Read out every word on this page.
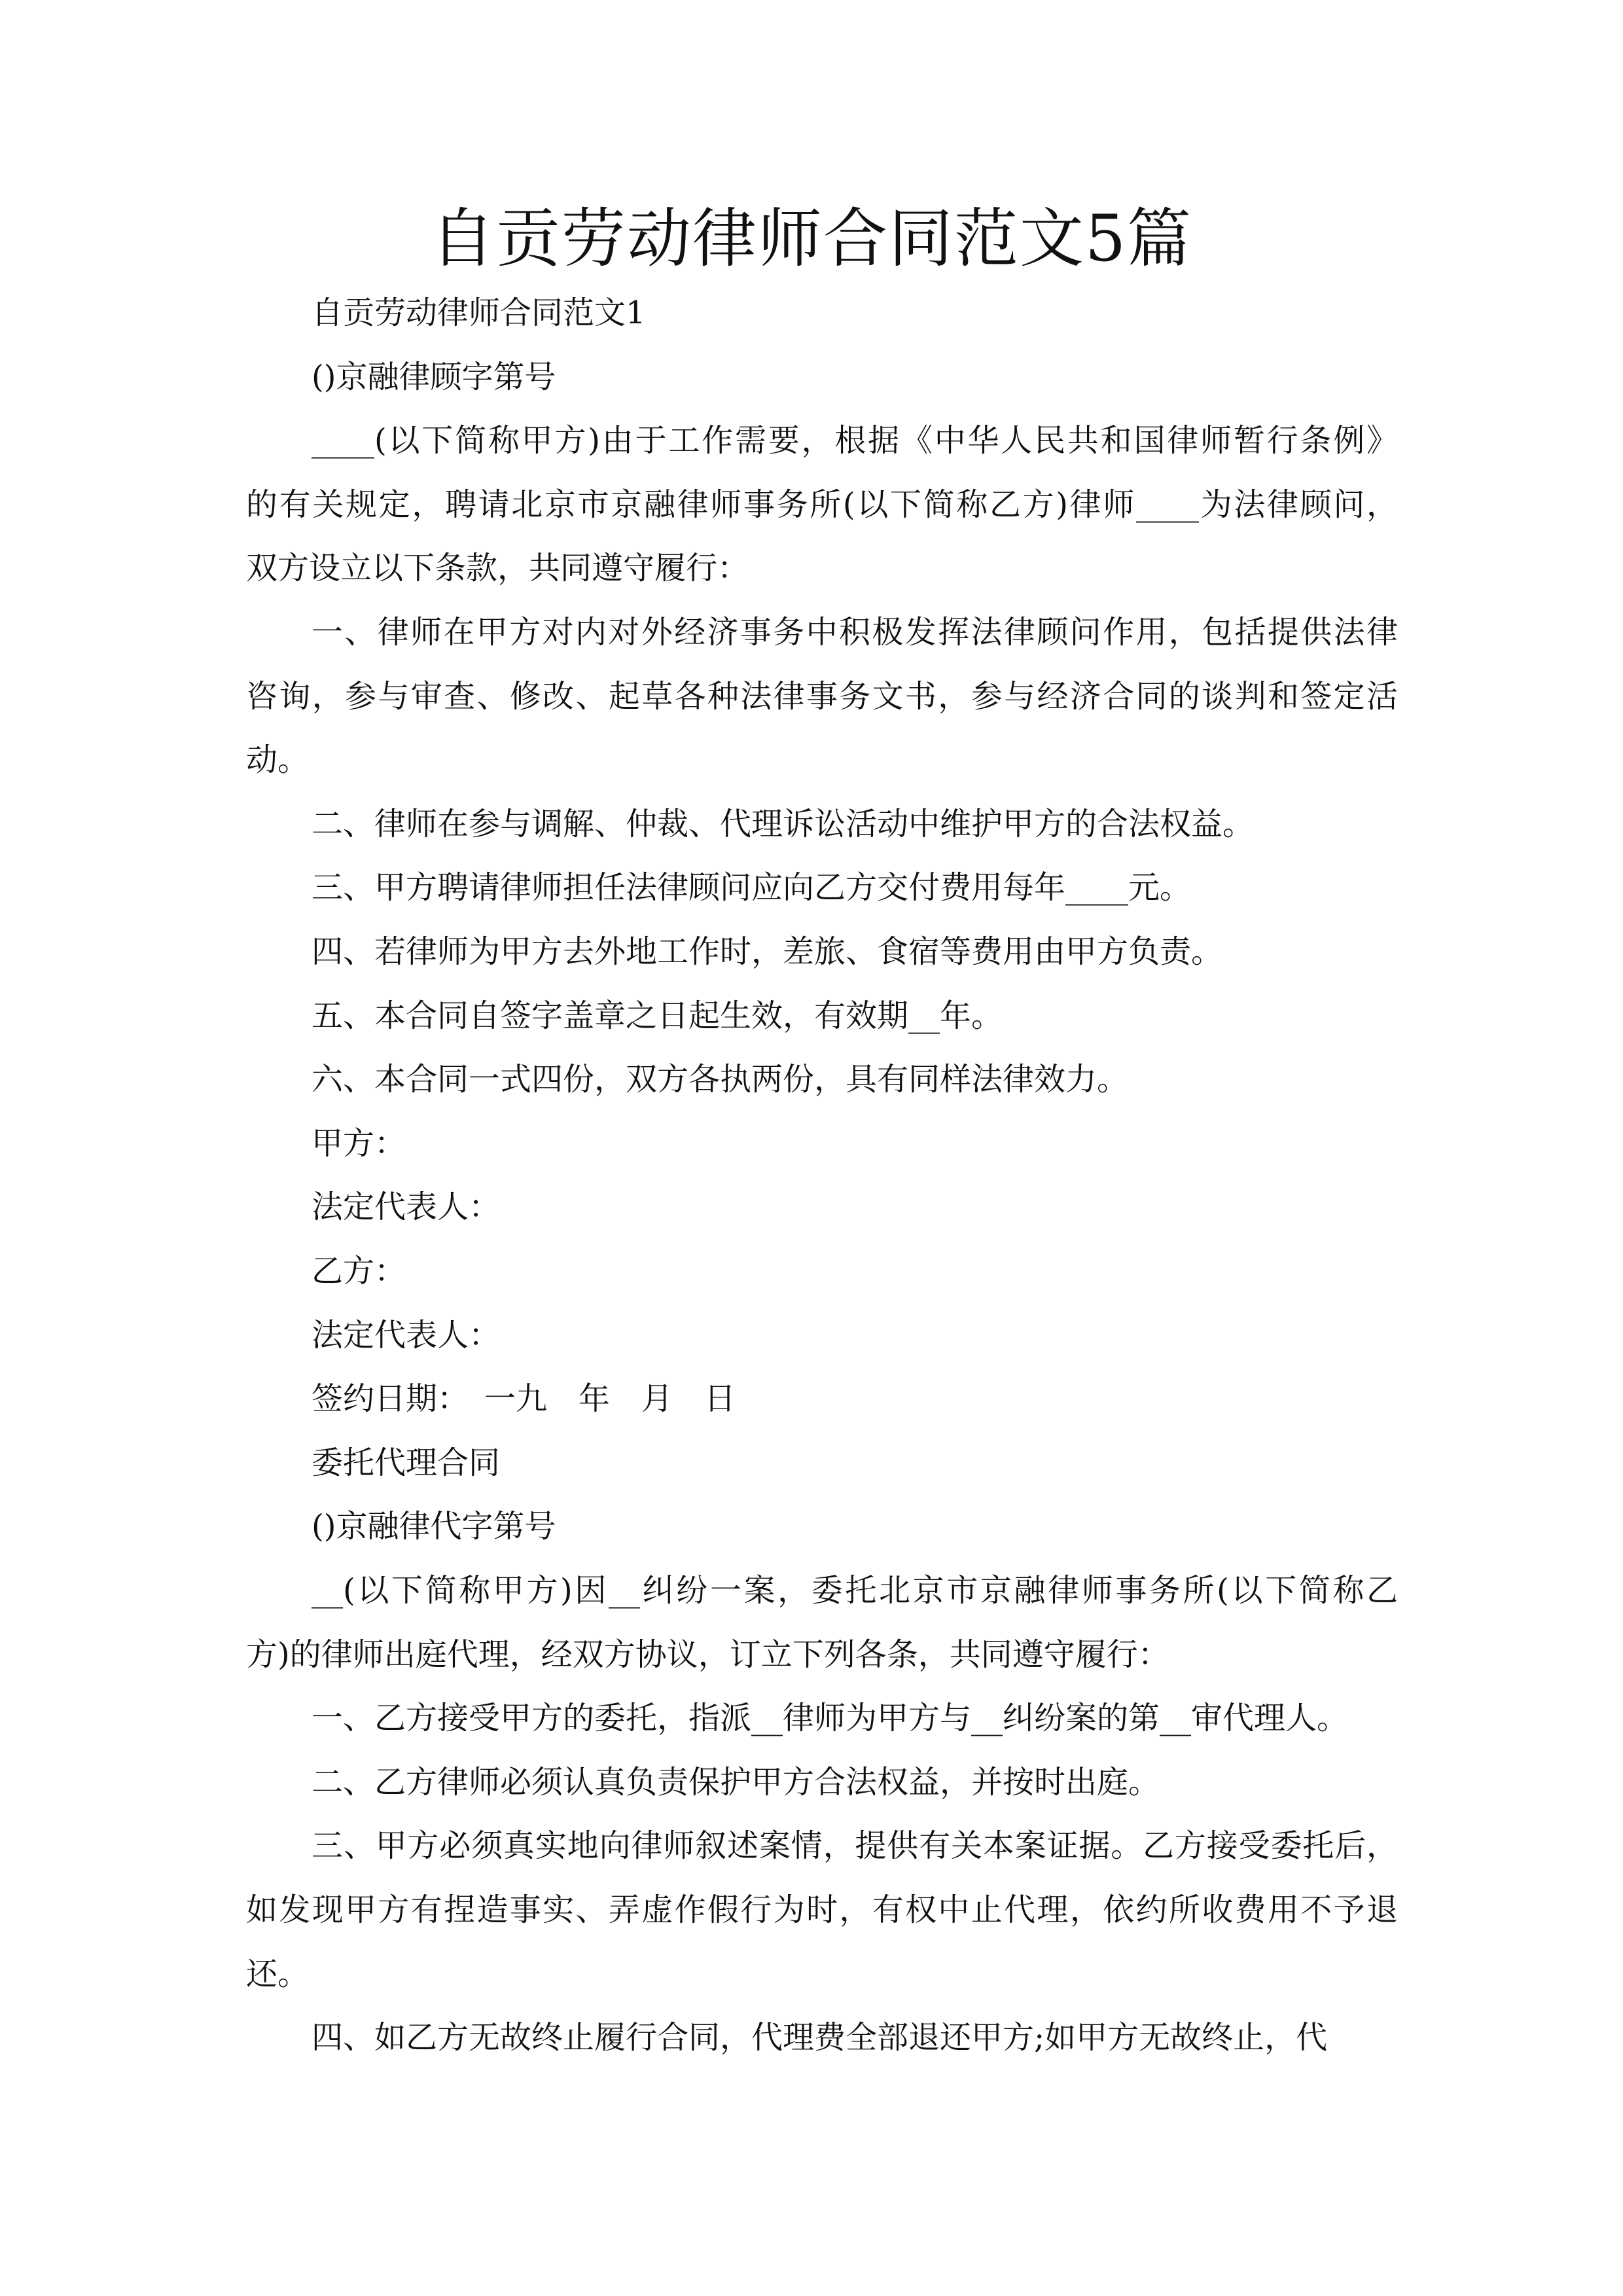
自贡劳动律师合同范文5篇
自贡劳动律师合同范文1
()京融律顾字第号
____(以下简称甲方)由于工作需要，根据《中华人民共和国律师暂行条例》
的有关规定，聘请北京市京融律师事务所(以下简称乙方)律师____为法律顾问，
双方设立以下条款，共同遵守履行：
一、律师在甲方对内对外经济事务中积极发挥法律顾问作用，包括提供法律
咨询，参与审查、修改、起草各种法律事务文书，参与经济合同的谈判和签定活
动。
二、律师在参与调解、仲裁、代理诉讼活动中维护甲方的合法权益。
三、甲方聘请律师担任法律顾问应向乙方交付费用每年____元。
四、若律师为甲方去外地工作时，差旅、食宿等费用由甲方负责。
五、本合同自签字盖章之日起生效，有效期__年。
六、本合同一式四份，双方各执两份，具有同样法律效力。
甲方：
法定代表人：
乙方：
法定代表人：
签约日期：　一九　年　月　日
委托代理合同
()京融律代字第号
__(以下简称甲方)因__纠纷一案，委托北京市京融律师事务所(以下简称乙
方)的律师出庭代理，经双方协议，订立下列各条，共同遵守履行：
一、乙方接受甲方的委托，指派__律师为甲方与__纠纷案的第__审代理人。
二、乙方律师必须认真负责保护甲方合法权益，并按时出庭。
三、甲方必须真实地向律师叙述案情，提供有关本案证据。乙方接受委托后，
如发现甲方有捏造事实、弄虚作假行为时，有权中止代理，依约所收费用不予退
还。
四、如乙方无故终止履行合同，代理费全部退还甲方;如甲方无故终止，代
